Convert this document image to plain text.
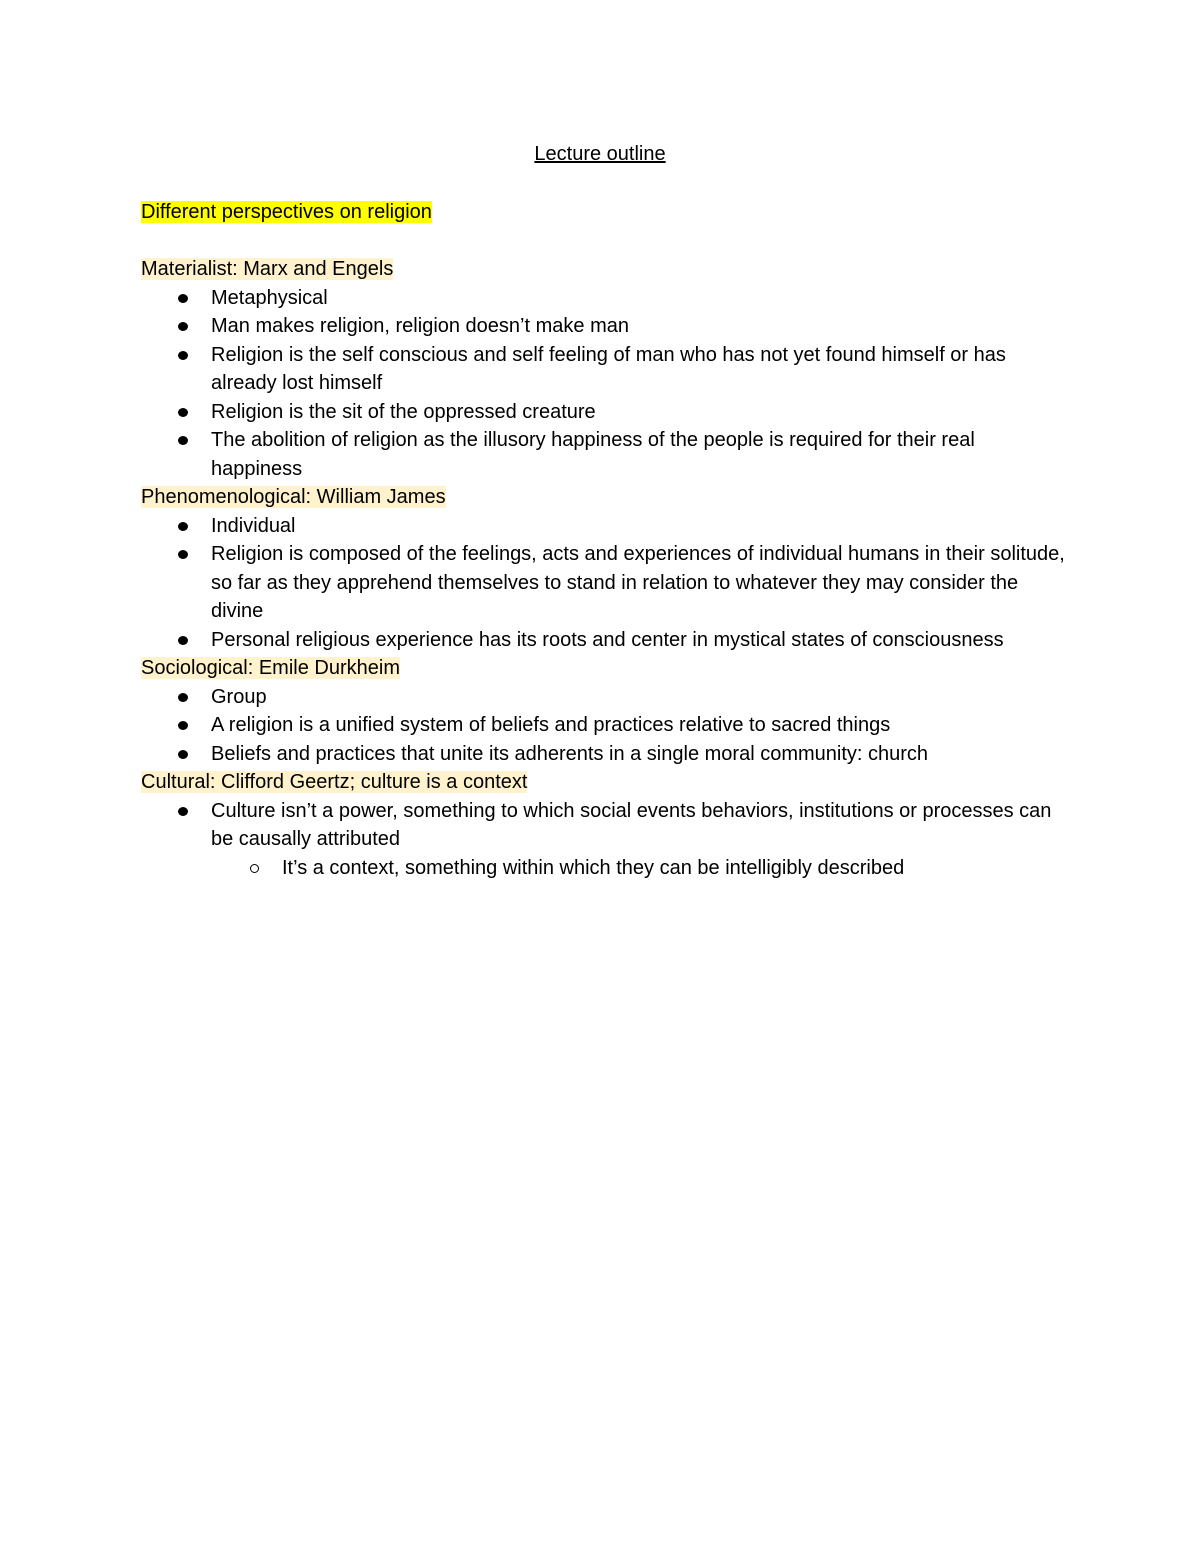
Lecture outline

Different perspectives on religion

Materialist: Marx and Engels

Metaphysical
Man makes religion, religion doesn’t make man
Religion is the self conscious and self feeling of man who has not yet found himself or has already lost himself
Religion is the sit of the oppressed creature
The abolition of religion as the illusory happiness of the people is required for their real happiness

Phenomenological: William James

Individual
Religion is composed of the feelings, acts and experiences of individual humans in their solitude, so far as they apprehend themselves to stand in relation to whatever they may consider the divine
Personal religious experience has its roots and center in mystical states of consciousness

Sociological: Emile Durkheim

Group
A religion is a unified system of beliefs and practices relative to sacred things
Beliefs and practices that unite its adherents in a single moral community: church

Cultural: Clifford Geertz; culture is a context

Culture isn’t a power, something to which social events behaviors, institutions or processes can be causally attributed
It’s a context, something within which they can be intelligibly described
